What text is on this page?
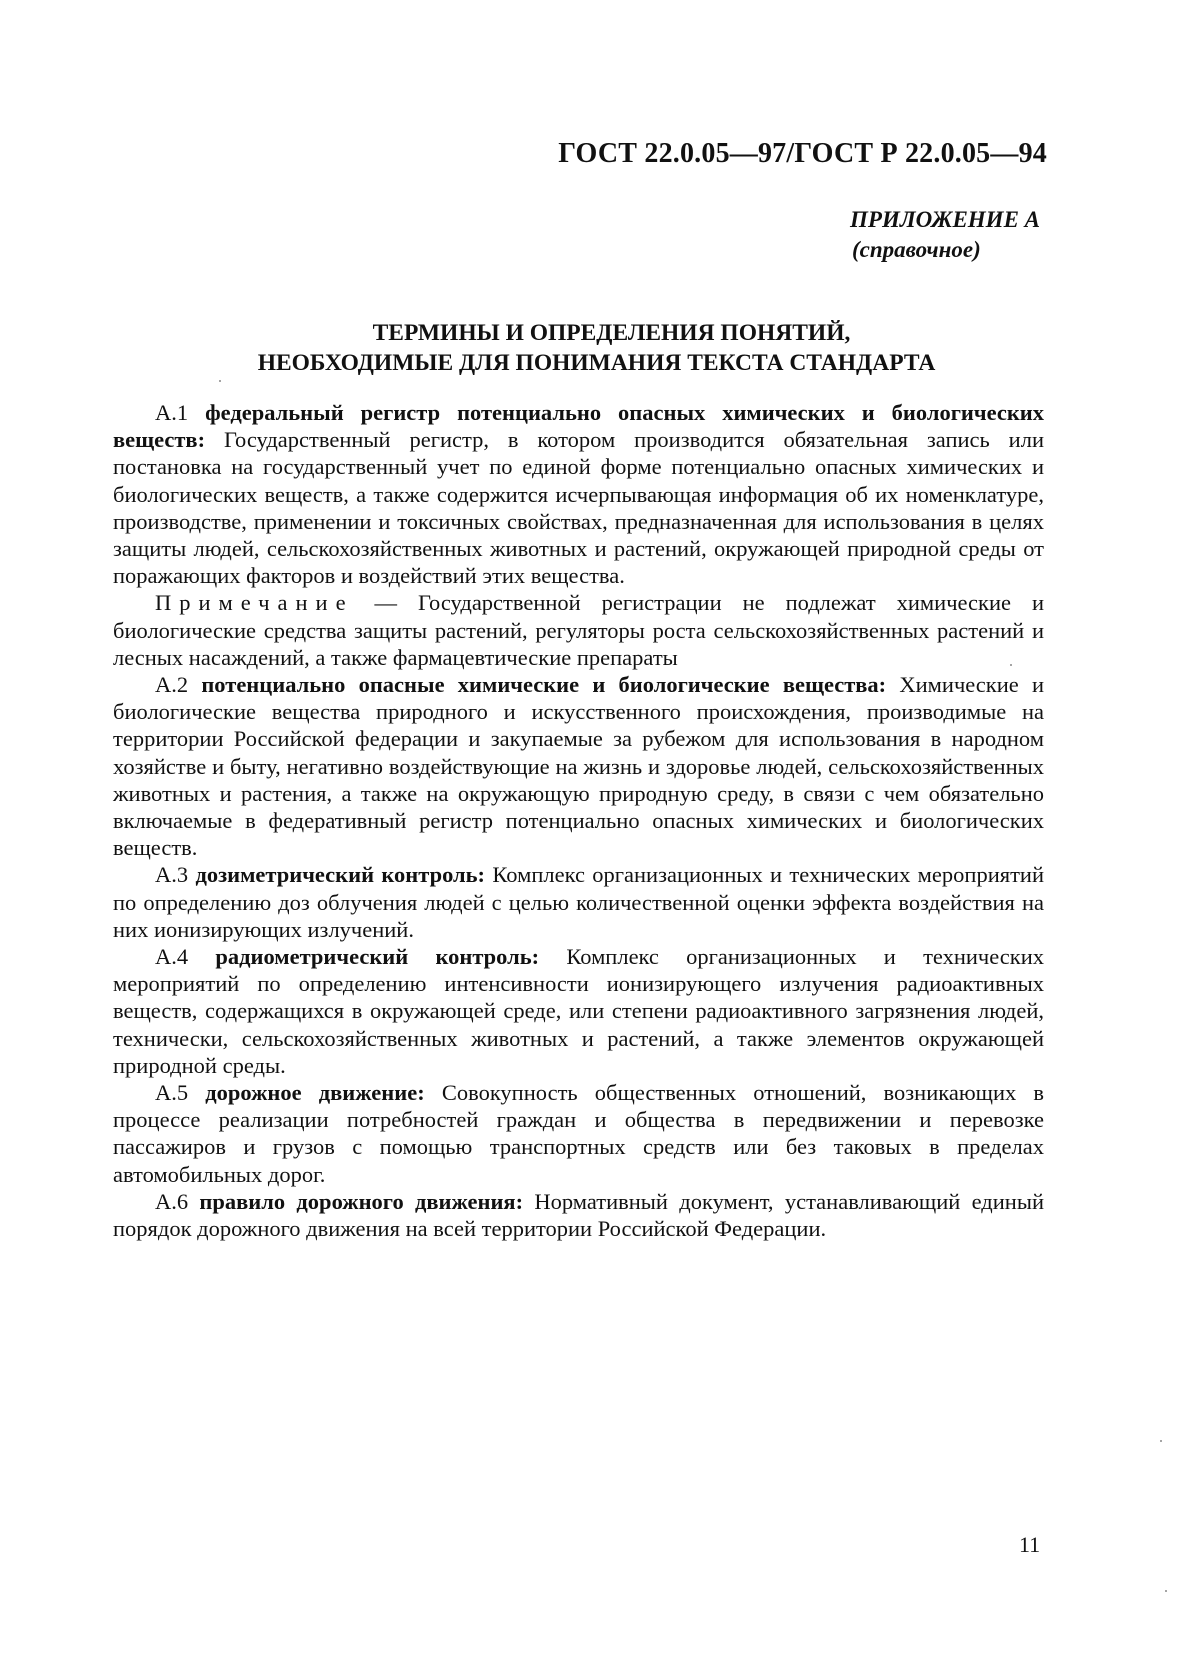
ГОСТ 22.0.05—97/ГОСТ Р 22.0.05—94
ПРИЛОЖЕНИЕ А
(справочное)
ТЕРМИНЫ И ОПРЕДЕЛЕНИЯ ПОНЯТИЙ,
НЕОБХОДИМЫЕ ДЛЯ ПОНИМАНИЯ ТЕКСТА СТАНДАРТА

А.1 федеральный регистр потенциально опасных химических и биологических веществ: Государственный регистр, в котором производится обязательная запись или постановка на государственный учет по единой форме потенциально опасных химических и биологических веществ, а также содержится исчерпывающая информация об их номенклатуре, производстве, применении и токсичных свойствах, предназначенная для использования в целях защиты людей, сельскохозяйственных животных и растений, окружающей природной среды от поражающих факторов и воздействий этих вещества.

Примечание — Государственной регистрации не подлежат химические и биологические средства защиты растений, регуляторы роста сельскохозяйственных растений и лесных насаждений, а также фармацевтические препараты

А.2 потенциально опасные химические и биологические вещества: Химические и биологические вещества природного и искусственного происхождения, производимые на территории Российской федерации и закупаемые за рубежом для использования в народном хозяйстве и быту, негативно воздействующие на жизнь и здоровье людей, сельскохозяйственных животных и растения, а также на окружающую природную среду, в связи с чем обязательно включаемые в федеративный регистр потенциально опасных химических и биологических веществ.

А.3 дозиметрический контроль: Комплекс организационных и технических мероприятий по определению доз облучения людей с целью количественной оценки эффекта воздействия на них ионизирующих излучений.

А.4 радиометрический контроль: Комплекс организационных и технических мероприятий по определению интенсивности ионизирующего излучения радиоактивных веществ, содержащихся в окружающей среде, или степени радиоактивного загрязнения людей, технически, сельскохозяйственных животных и растений, а также элементов окружающей природной среды.

А.5 дорожное движение: Совокупность общественных отношений, возникающих в процессе реализации потребностей граждан и общества в передвижении и перевозке пассажиров и грузов с помощью транспортных средств или без таковых в пределах автомобильных дорог.

А.6 правило дорожного движения: Нормативный документ, устанавливающий единый порядок дорожного движения на всей территории Российской Федерации.

11
